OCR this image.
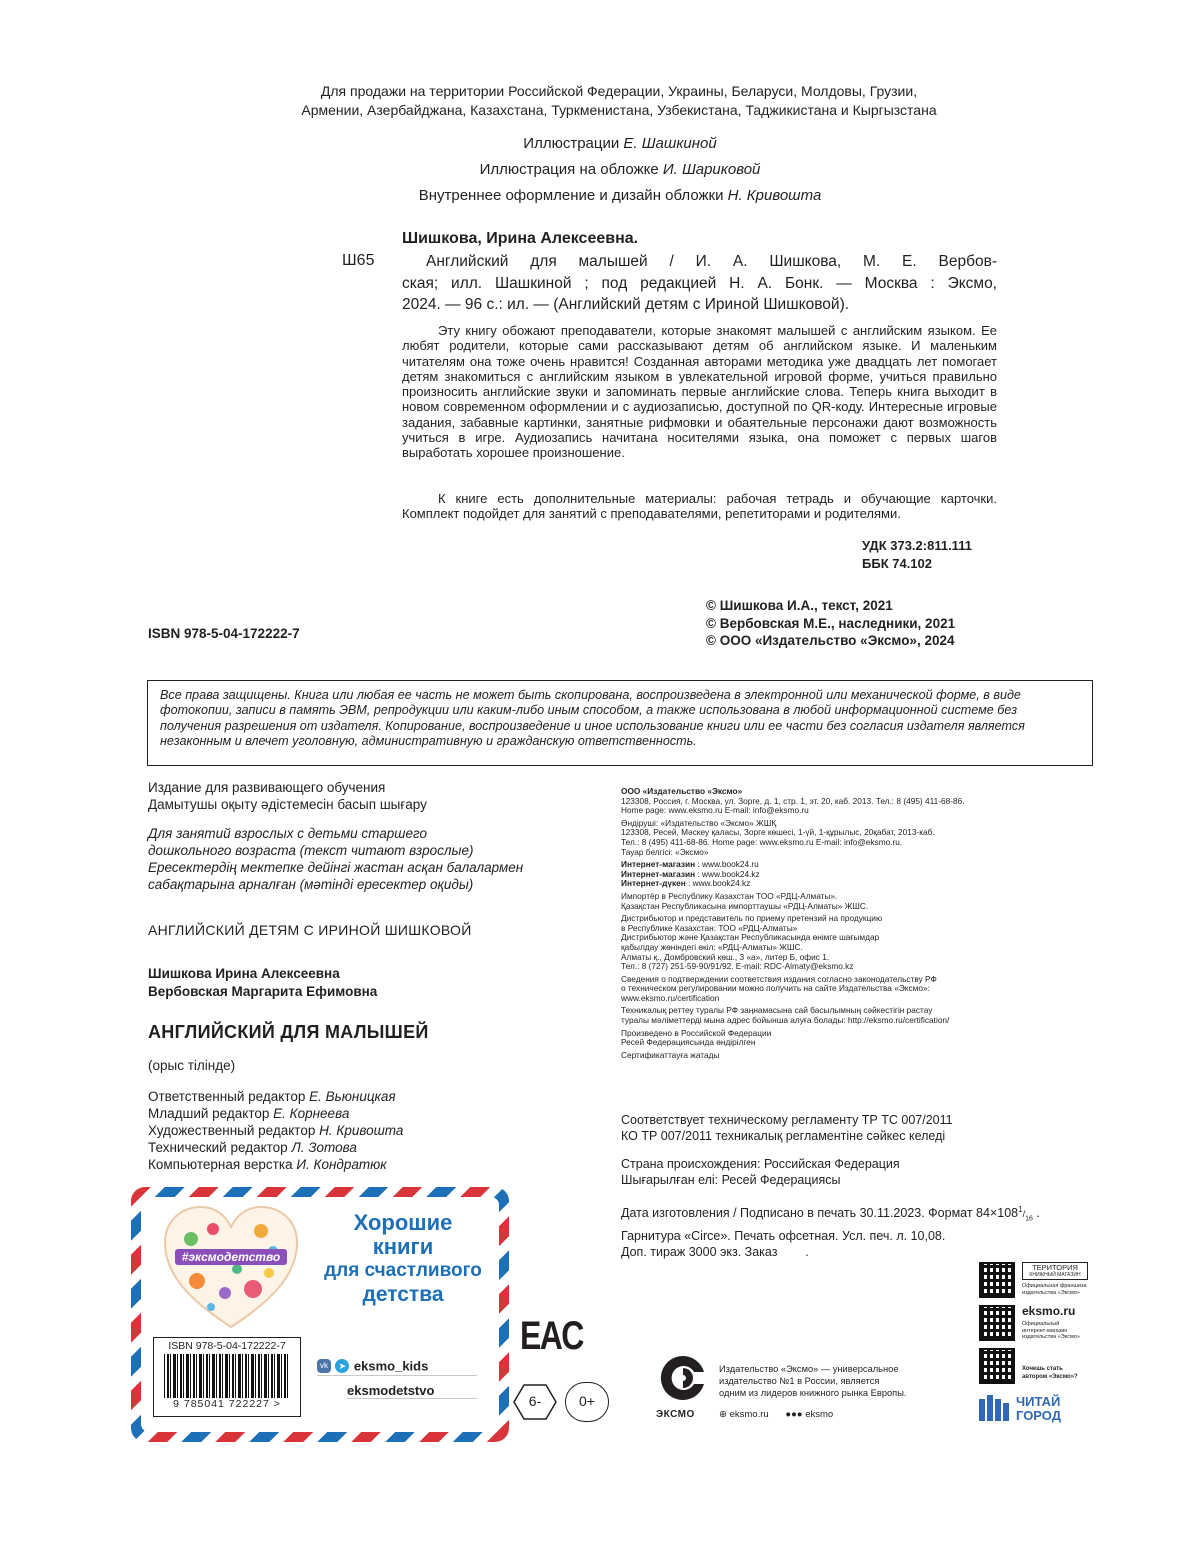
Для продажи на территории Российской Федерации, Украины, Беларуси, Молдовы, Грузии,
Армении, Азербайджана, Казахстана, Туркменистана, Узбекистана, Таджикистана и Кыргызстана
Иллюстрации Е. Шашкиной
Иллюстрация на обложке И. Шариковой
Внутреннее оформление и дизайн обложки Н. Кривошта
Шишкова, Ирина Алексеевна.
Ш65	Английский для малышей / И. А. Шишкова, М. Е. Вербов-
ская; илл. Шашкиной ; под редакцией Н. А. Бонк. — Москва : Эксмо,
2024. — 96 с.: ил. — (Английский детям с Ириной Шишковой).
Эту книгу обожают преподаватели, которые знакомят малышей с английским языком. Ее любят родители, которые сами рассказывают детям об английском языке. И маленьким читателям она тоже очень нравится! Созданная авторами методика уже двадцать лет помогает детям знакомиться с английским языком в увлекательной игровой форме, учиться правильно произносить английские звуки и запоминать первые английские слова. Теперь книга выходит в новом современном оформлении и с аудиозаписью, доступной по QR-коду. Интересные игровые задания, забавные картинки, занятные рифмовки и обаятельные персонажи дают возможность учиться в игре. Аудиозапись начитана носителями языка, она поможет с первых шагов выработать хорошее произношение.
К книге есть дополнительные материалы: рабочая тетрадь и обучающие карточки. Комплект подойдет для занятий с преподавателями, репетиторами и родителями.
УДК 373.2:811.111
ББК 74.102
ISBN 978-5-04-172222-7
© Шишкова И.А., текст, 2021
© Вербовская М.Е., наследники, 2021
© ООО «Издательство «Эксмо», 2024
Все права защищены. Книга или любая ее часть не может быть скопирована, воспроизведена в электронной или механической форме, в виде фотокопии, записи в память ЭВМ, репродукции или каким-либо иным способом, а также использована в любой информационной системе без получения разрешения от издателя. Копирование, воспроизведение и иное использование книги или ее части без согласия издателя является незаконным и влечет уголовную, административную и гражданскую ответственность.
Издание для развивающего обучения
Дамытушы оқыту әдістемесін басып шығару
Для занятий взрослых с детьми старшего
дошкольного возраста (текст читают взрослые)
Ересектердің мектепке дейінгі жастан асқан балалармен
сабақтарына арналған (мәтінді ересектер оқиды)
АНГЛИЙСКИЙ ДЕТЯМ С ИРИНОЙ ШИШКОВОЙ
Шишкова Ирина Алексеевна
Вербовская Маргарита Ефимовна
АНГЛИЙСКИЙ ДЛЯ МАЛЫШЕЙ
(орыс тілінде)
Ответственный редактор Е. Вьюницкая
Младший редактор Е. Корнеева
Художественный редактор Н. Кривошта
Технический редактор Л. Зотова
Компьютерная верстка И. Кондратюк
ООО «Издательство «Эксмо»
123308, Россия, г. Москва, ул. Зорге, д. 1, стр. 1, эт. 20, каб. 2013. Тел.: 8 (495) 411-68-86.
Home page: www.eksmo.ru E-mail: info@eksmo.ru
Өндіруші: «Издательство «Эксмо» ЖШҚ
123308, Ресей, Мәскеу қаласы, Зорге көшесі, 1-үй, 1-құрылыс, 20қабат, 2013-каб.
Тел.: 8 (495) 411-68-86. Home page: www.eksmo.ru E-mail: info@eksmo.ru.
Тауар белгісі: «Эксмо»
Интернет-магазин : www.book24.ru
Интернет-магазин : www.book24.kz
Интернет-дүкен : www.book24.kz
Импортёр в Республику Казахстан ТОО «РДЦ-Алматы».
Қазақстан Республикасына импорттаушы «РДЦ-Алматы» ЖШС.
Дистрибьютор и представитель по приему претензий на продукцию
в Республике Казахстан: ТОО «РДЦ-Алматы»
Дистрибьютор және Қазақстан Республикасында өнімге шағымдар
қабылдау жөніндегі өкіл: «РДЦ-Алматы» ЖШС.
Алматы қ., Домбровский көш., 3 «а», литер Б, офис 1.
Тел.: 8 (727) 251-59-90/91/92. E-mail: RDC-Almaty@eksmo.kz
Сведения о подтверждении соответствия издания согласно законодательству РФ
о техническом регулировании можно получить на сайте Издательства «Эксмо»:
www.eksmo.ru/certification
Техникалық реттеу туралы РФ заңнамасына сай басылымның сәйкестігін растау
туралы мәліметтерді мына адрес бойынша алуға болады: http://eksmo.ru/certification/
Произведено в Российской Федерации
Ресей Федерациясында өндірілген
Сертификаттауға жатады
Соответствует техническому регламенту ТР ТС 007/2011
КО ТР 007/2011 техникалық регламентіне сәйкес келеді
Страна происхождения: Российская Федерация
Шығарылған елі: Ресей Федерациясы
Дата изготовления / Подписано в печать 30.11.2023. Формат $84\times 108^1/_{16}$ .
Гарнитура «Circe». Печать офсетная. Усл. печ. л. 10,08.
Доп. тираж 3000 экз. Заказ        .
#эксмодетство
Хорошие
книги
для счастливого
детства
ISBN 978-5-04-172222-7
9 785041 722227 >
vk ➤ eksmo_kids
eksmodetstvo
EAC
6-	0+
ЭКСМО
Издательство «Эксмо» — универсальное
издательство №1 в России, является
одним из лидеров книжного рынка Европы.
⊕ eksmo.ru ●●● eksmo
ТЕРИТОРИЯ
КНИЖНЫЙ МАГАЗИН
Официальная франшиза
издательства «Эксмо»
eksmo.ru
Официальный
интернет-магазин
издательства «Эксмо»
Хочешь стать
автором «Эксмо»?
ЧИТАЙ
ГОРОД
